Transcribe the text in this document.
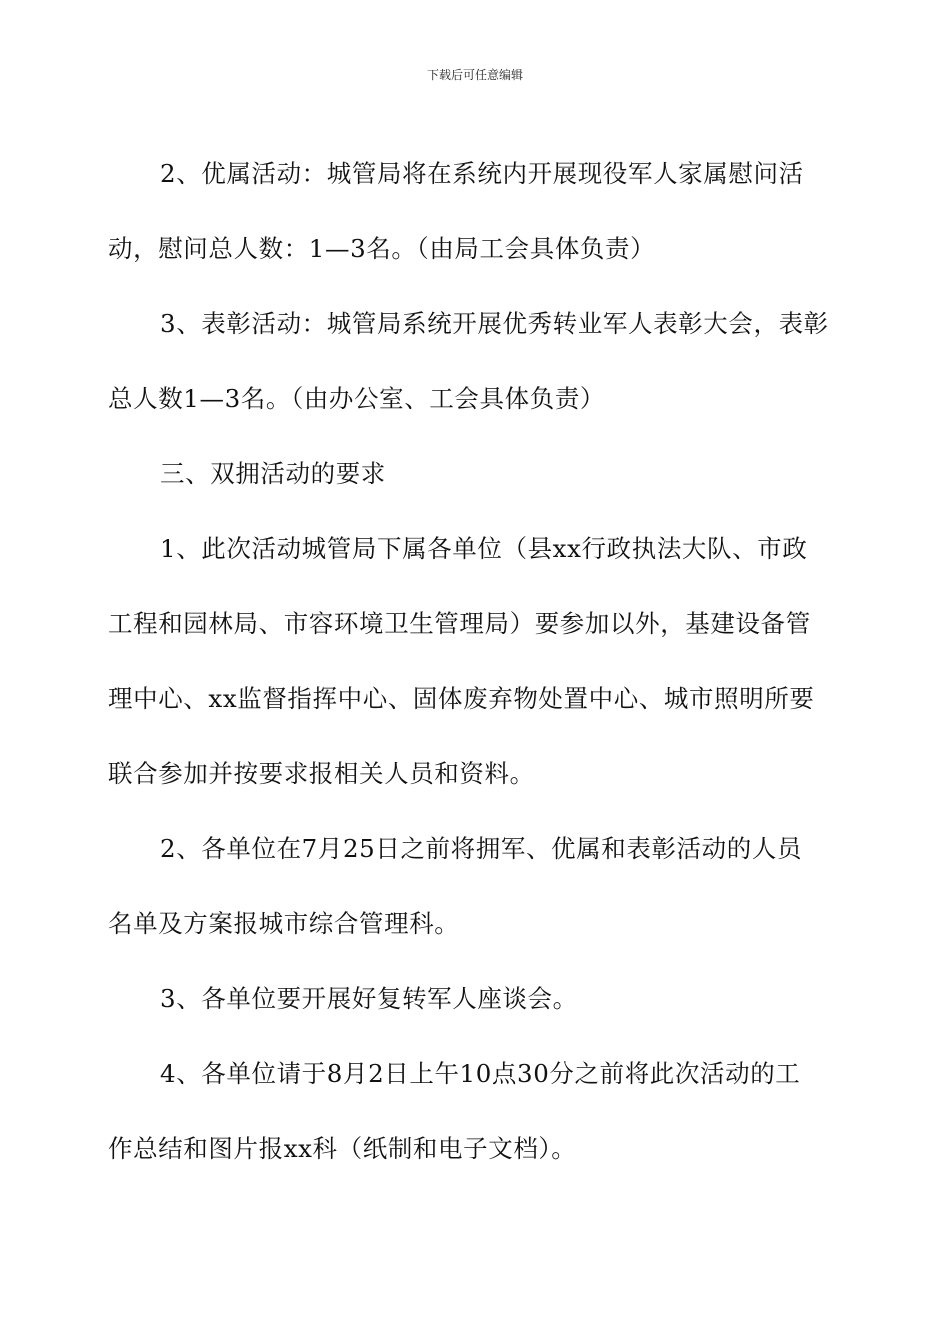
下载后可任意编辑

2、优属活动：城管局将在系统内开展现役军人家属慰问活
动，慰问总人数：1—3名。（由局工会具体负责）

3、表彰活动：城管局系统开展优秀转业军人表彰大会，表彰
总人数1—3名。（由办公室、工会具体负责）

三、双拥活动的要求

1、此次活动城管局下属各单位（县xx行政执法大队、市政
工程和园林局、市容环境卫生管理局）要参加以外，基建设备管
理中心、xx监督指挥中心、固体废弃物处置中心、城市照明所要
联合参加并按要求报相关人员和资料。

2、各单位在7月25日之前将拥军、优属和表彰活动的人员
名单及方案报城市综合管理科。

3、各单位要开展好复转军人座谈会。

4、各单位请于8月2日上午10点30分之前将此次活动的工
作总结和图片报xx科（纸制和电子文档）。
